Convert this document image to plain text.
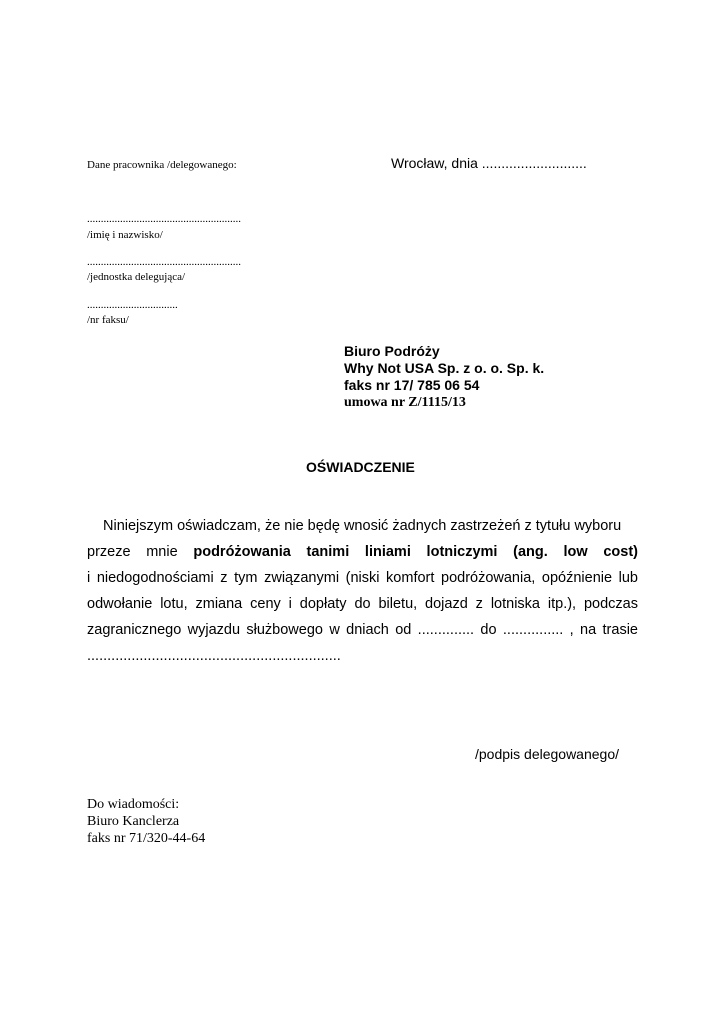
Dane pracownika /delegowanego:	Wrocław, dnia ...........................
........................................................
/imię i nazwisko/
........................................................
/jednostka delegująca/
.................................
/nr faksu/
Biuro Podróży
Why Not USA Sp. z o. o. Sp. k.
faks nr 17/ 785 06 54
umowa nr Z/1115/13
OŚWIADCZENIE
Niniejszym oświadczam, że nie będę wnosić żadnych zastrzeżeń z tytułu wyboru
przeze mnie podróżowania tanimi liniami lotniczymi (ang. low cost)
i niedogodnościami z tym związanymi (niski komfort podróżowania, opóźnienie lub
odwołanie lotu, zmiana ceny i dopłaty do biletu, dojazd z lotniska itp.), podczas
zagranicznego wyjazdu służbowego w dniach od .............. do ............... , na trasie
...............................................................
/podpis delegowanego/
Do wiadomości:
Biuro Kanclerza
faks nr 71/320-44-64
